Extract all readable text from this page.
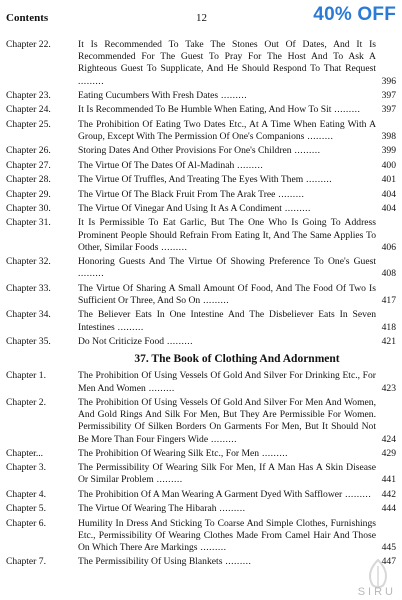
Contents	12	40% OFF
Chapter 22.	It Is Recommended To Take The Stones Out Of Dates, And It Is Recommended For The Guest To Pray For The Host And To Ask A Righteous Guest To Supplicate, And He Should Respond To That Request .........	396
Chapter 23.	Eating Cucumbers With Fresh Dates .........	397
Chapter 24.	It Is Recommended To Be Humble When Eating, And How To Sit .........	397
Chapter 25.	The Prohibition Of Eating Two Dates Etc., At A Time When Eating With A Group, Except With The Permission Of One's Companions .........	398
Chapter 26.	Storing Dates And Other Provisions For One's Children .........	399
Chapter 27.	The Virtue Of The Dates Of Al-Madinah .........	400
Chapter 28.	The Virtue Of Truffles, And Treating The Eyes With Them .........	401
Chapter 29.	The Virtue Of The Black Fruit From The Arak Tree .........	404
Chapter 30.	The Virtue Of Vinegar And Using It As A Condiment .........	404
Chapter 31.	It Is Permissible To Eat Garlic, But The One Who Is Going To Address Prominent People Should Refrain From Eating It, And The Same Applies To Other, Similar Foods .........	406
Chapter 32.	Honoring Guests And The Virtue Of Showing Preference To One's Guest .........	408
Chapter 33.	The Virtue Of Sharing A Small Amount Of Food, And The Food Of Two Is Sufficient Or Three, And So On .........	417
Chapter 34.	The Believer Eats In One Intestine And The Disbeliever Eats In Seven Intestines .........	418
Chapter 35.	Do Not Criticize Food .........	421
37. The Book of Clothing And Adornment
Chapter 1.	The Prohibition Of Using Vessels Of Gold And Silver For Drinking Etc., For Men And Women .........	423
Chapter 2.	The Prohibition Of Using Vessels Of Gold And Silver For Men And Women, And Gold Rings And Silk For Men, But They Are Permissible For Women. Permissibility Of Silken Borders On Garments For Men, But It Should Not Be More Than Four Fingers Wide .........	424
Chapter...	The Prohibition Of Wearing Silk Etc., For Men .........	429
Chapter 3.	The Permissibility Of Wearing Silk For Men, If A Man Has A Skin Disease Or Similar Problem .........	441
Chapter 4.	The Prohibition Of A Man Wearing A Garment Dyed With Safflower .........	442
Chapter 5.	The Virtue Of Wearing The Hibarah .........	444
Chapter 6.	Humility In Dress And Sticking To Coarse And Simple Clothes, Furnishings Etc., Permissibility Of Wearing Clothes Made From Camel Hair And Those On Which There Are Markings .........	445
Chapter 7.	The Permissibility Of Using Blankets .........	447
SIRU
